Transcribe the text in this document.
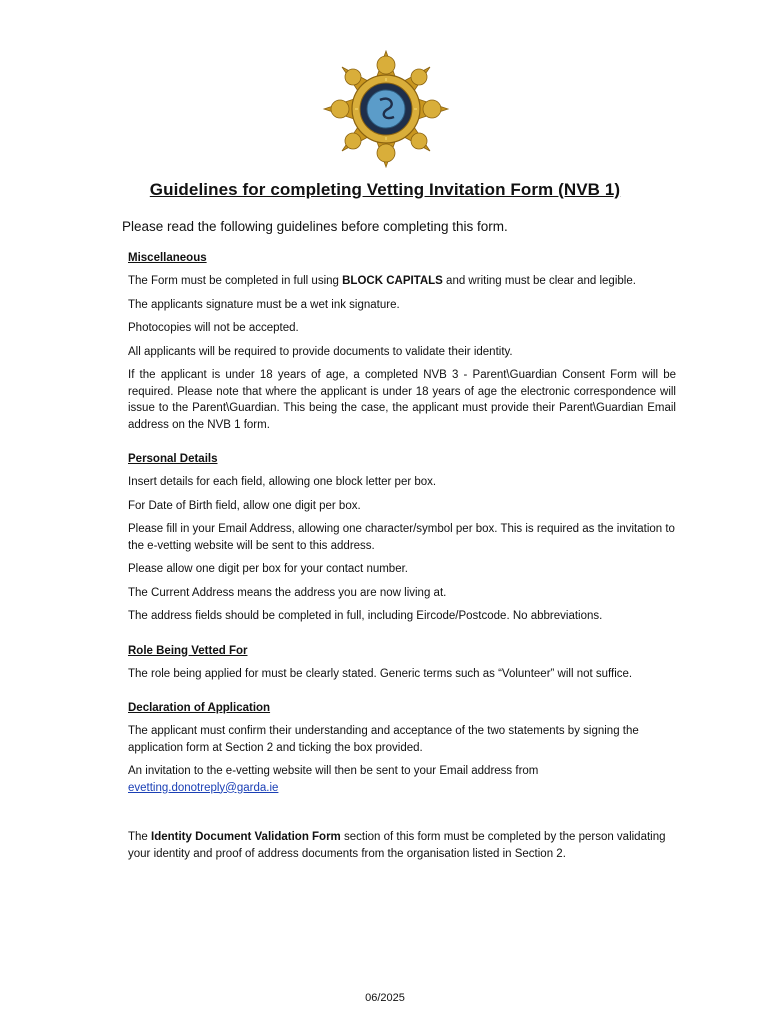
Guidelines for completing Vetting Invitation Form (NVB 1)
Please read the following guidelines before completing this form.
Miscellaneous

The Form must be completed in full using BLOCK CAPITALS and writing must be clear and legible.

The applicants signature must be a wet ink signature.

Photocopies will not be accepted.

All applicants will be required to provide documents to validate their identity.

If the applicant is under 18 years of age, a completed NVB 3 - Parent\Guardian Consent Form will be required. Please note that where the applicant is under 18 years of age the electronic correspondence will issue to the Parent\Guardian. This being the case, the applicant must provide their Parent\Guardian Email address on the NVB 1 form.

Personal Details

Insert details for each field, allowing one block letter per box.

For Date of Birth field, allow one digit per box.

Please fill in your Email Address, allowing one character/symbol per box. This is required as the invitation to the e-vetting website will be sent to this address.

Please allow one digit per box for your contact number.

The Current Address means the address you are now living at.

The address fields should be completed in full, including Eircode/Postcode. No abbreviations.

Role Being Vetted For

The role being applied for must be clearly stated. Generic terms such as “Volunteer” will not suffice.

Declaration of Application

The applicant must confirm their understanding and acceptance of the two statements by signing the application form at Section 2 and ticking the box provided.

An invitation to the e-vetting website will then be sent to your Email address from
evetting.donotreply@garda.ie

The Identity Document Validation Form section of this form must be completed by the person validating your identity and proof of address documents from the organisation listed in Section 2.

06/2025
